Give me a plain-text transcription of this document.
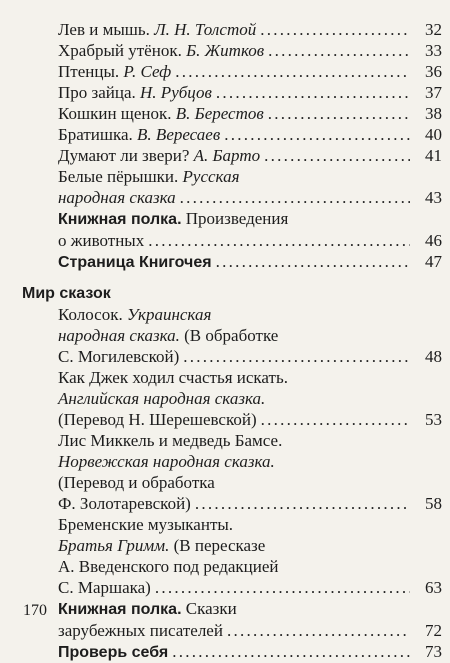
Лев и мышь. Л. Н. Толстой . . .	32
Храбрый утёнок. Б. Житков . . .	33
Птенцы. Р. Сеф . . .	36
Про зайца. Н. Рубцов . . .	37
Кошкин щенок. В. Берестов . . .	38
Братишка. В. Вересаев . . .	40
Думают ли звери? А. Барто . . .	41
Белые пёрышки. Русская
народная сказка . . .	43
Книжная полка. Произведения
о животных . . .	46
Страница Книгочея . . .	47
Мир сказок
Колосок. Украинская
народная сказка. (В обработке
С. Могилевской) . . .	48
Как Джек ходил счастья искать.
Английская народная сказка.
(Перевод Н. Шерешевской) . . .	53
Лис Миккель и медведь Бамсе.
Норвежская народная сказка.
(Перевод и обработка
Ф. Золотаревской) . . .	58
Бременские музыканты.
Братья Гримм. (В пересказе
А. Введенского под редакцией
С. Маршака) . . .	63
Книжная полка. Сказки
зарубежных писателей . . .	72
Проверь себя . . .	73
170
